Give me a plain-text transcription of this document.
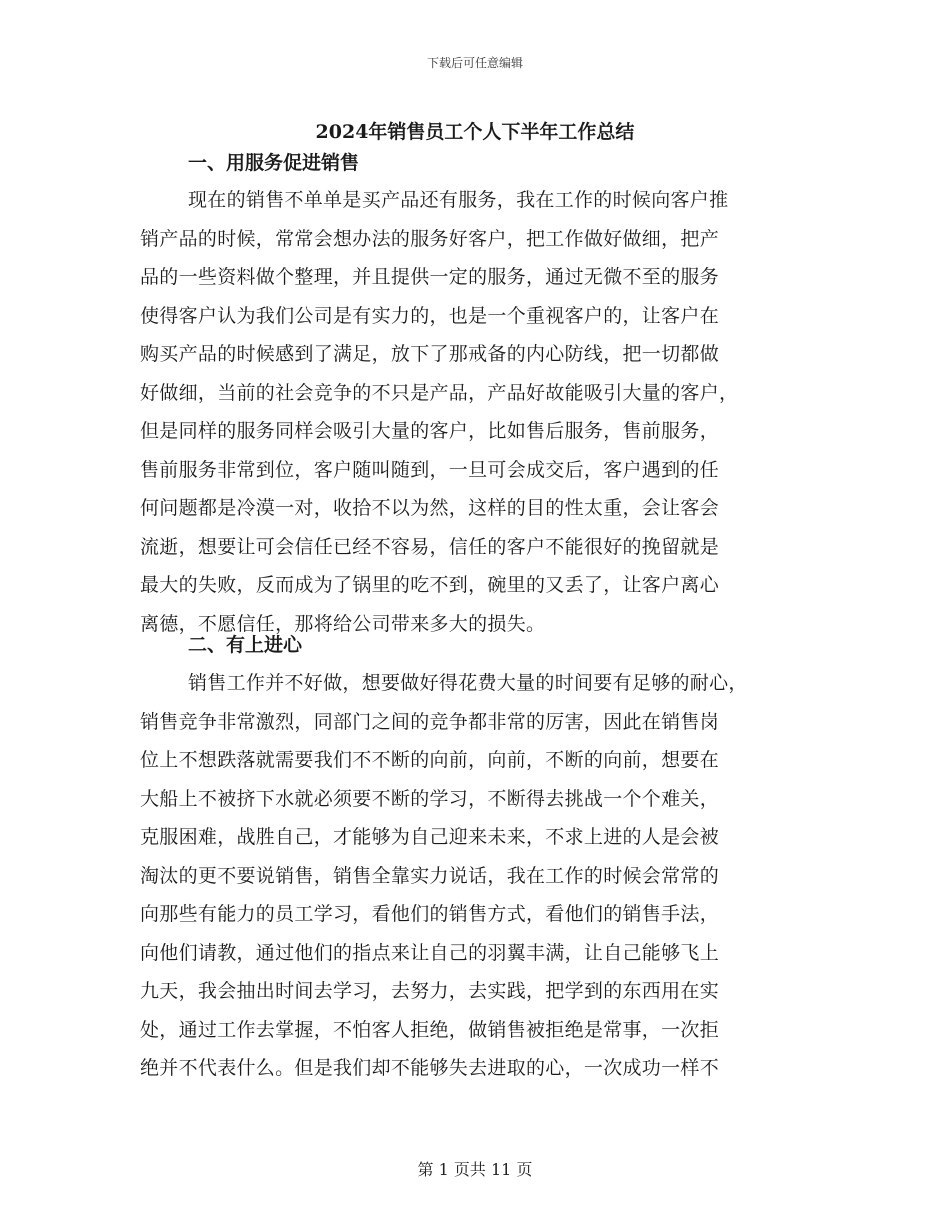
下载后可任意编辑
2024年销售员工个人下半年工作总结
一、用服务促进销售
现在的销售不单单是买产品还有服务，我在工作的时候向客户推
销产品的时候，常常会想办法的服务好客户，把工作做好做细，把产
品的一些资料做个整理，并且提供一定的服务，通过无微不至的服务
使得客户认为我们公司是有实力的，也是一个重视客户的，让客户在
购买产品的时候感到了满足，放下了那戒备的内心防线，把一切都做
好做细，当前的社会竞争的不只是产品，产品好故能吸引大量的客户，
但是同样的服务同样会吸引大量的客户，比如售后服务，售前服务，
售前服务非常到位，客户随叫随到，一旦可会成交后，客户遇到的任
何问题都是冷漠一对，收拾不以为然，这样的目的性太重，会让客会
流逝，想要让可会信任已经不容易，信任的客户不能很好的挽留就是
最大的失败，反而成为了锅里的吃不到，碗里的又丢了，让客户离心
离德，不愿信任，那将给公司带来多大的损失。
二、有上进心
销售工作并不好做，想要做好得花费大量的时间要有足够的耐心，
销售竞争非常激烈，同部门之间的竞争都非常的厉害，因此在销售岗
位上不想跌落就需要我们不不断的向前，向前，不断的向前，想要在
大船上不被挤下水就必须要不断的学习，不断得去挑战一个个难关，
克服困难，战胜自己，才能够为自己迎来未来，不求上进的人是会被
淘汰的更不要说销售，销售全靠实力说话，我在工作的时候会常常的
向那些有能力的员工学习，看他们的销售方式，看他们的销售手法，
向他们请教，通过他们的指点来让自己的羽翼丰满，让自己能够飞上
九天，我会抽出时间去学习，去努力，去实践，把学到的东西用在实
处，通过工作去掌握，不怕客人拒绝，做销售被拒绝是常事，一次拒
绝并不代表什么。但是我们却不能够失去进取的心，一次成功一样不
第 1 页共 11 页
